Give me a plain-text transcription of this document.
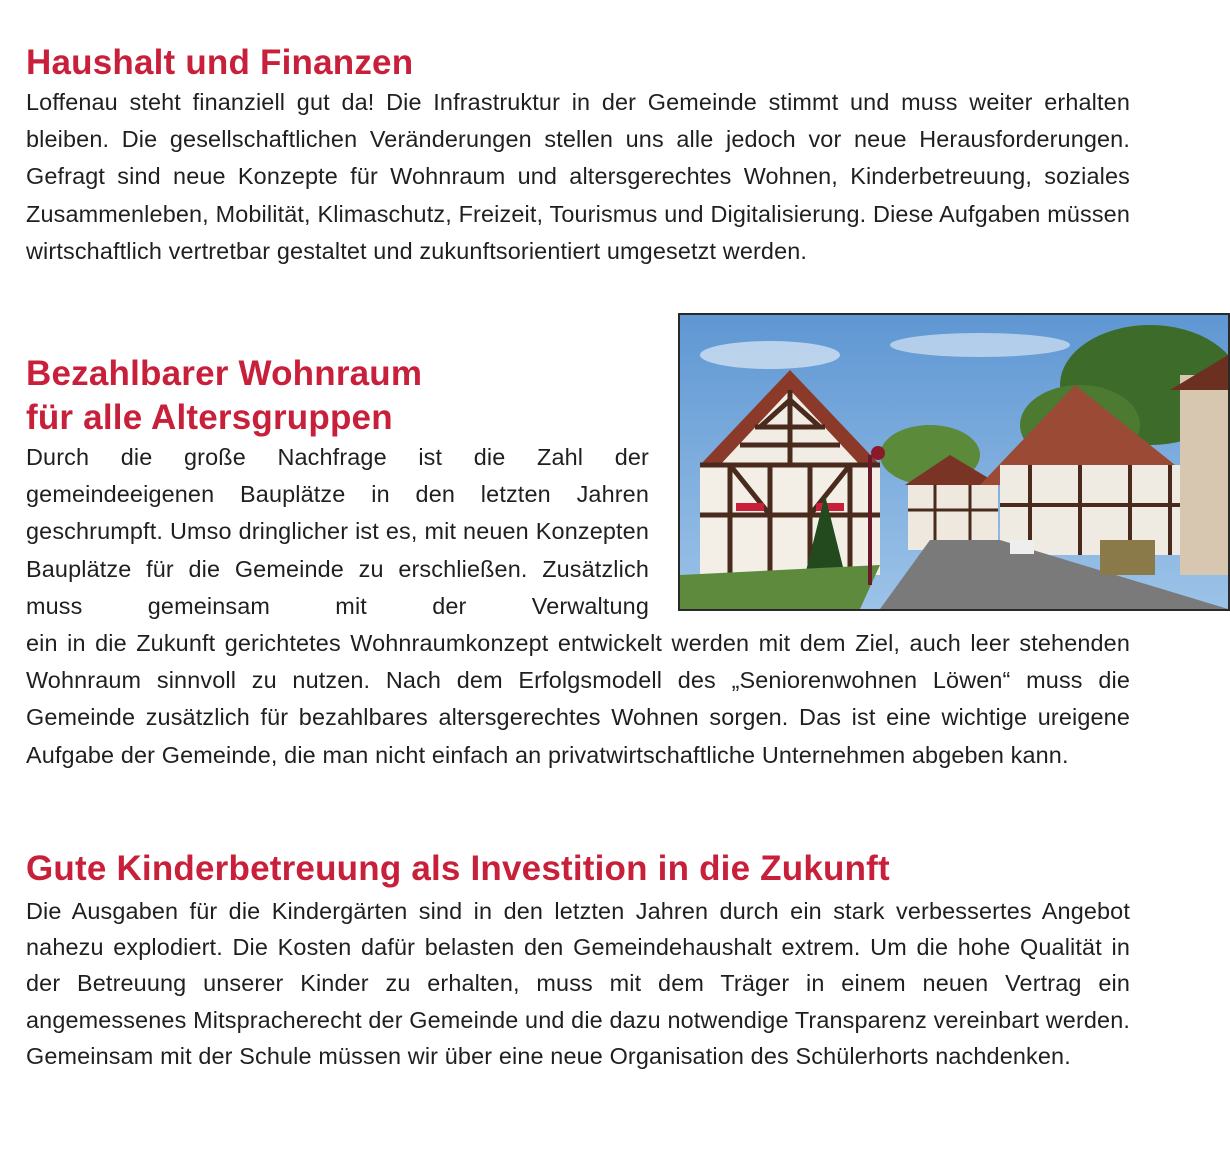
Haushalt und Finanzen

Loffenau steht finanziell gut da! Die Infrastruktur in der Gemeinde stimmt und muss weiter erhalten bleiben. Die gesellschaftlichen Veränderungen stellen uns alle jedoch vor neue Herausforderungen. Gefragt sind neue Konzepte für Wohnraum und altersgerechtes Wohnen, Kinderbetreuung, soziales Zusammenleben, Mobilität, Klimaschutz, Freizeit, Tourismus und Digitalisierung. Diese Aufgaben müssen wirtschaftlich vertretbar gestaltet und zukunftsorientiert umgesetzt werden.

Bezahlbarer Wohnraum
für alle Altersgruppen

Durch die große Nachfrage ist die Zahl der gemeindeeigenen Bauplätze in den letzten Jahren geschrumpft. Umso dringlicher ist es, mit neuen Konzepten Bauplätze für die Gemeinde zu erschließen. Zusätzlich muss gemeinsam mit der Verwaltung

ein in die Zukunft gerichtetes Wohnraumkonzept entwickelt werden mit dem Ziel, auch leer stehenden Wohnraum sinnvoll zu nutzen. Nach dem Erfolgsmodell des „Seniorenwohnen Löwen“ muss die Gemeinde zusätzlich für bezahlbares altersgerechtes Wohnen sorgen. Das ist eine wichtige ureigene Aufgabe der Gemeinde, die man nicht einfach an privatwirtschaftliche Unternehmen abgeben kann.

Gute Kinderbetreuung als Investition in die Zukunft

Die Ausgaben für die Kindergärten sind in den letzten Jahren durch ein stark verbessertes Angebot nahezu explodiert. Die Kosten dafür belasten den Gemeindehaushalt extrem. Um die hohe Qualität in der Betreuung unserer Kinder zu erhalten, muss mit dem Träger in einem neuen Vertrag ein angemessenes Mitspracherecht der Gemeinde und die dazu notwendige Transparenz vereinbart werden. Gemeinsam mit der Schule müssen wir über eine neue Organisation des Schülerhorts nachdenken.
